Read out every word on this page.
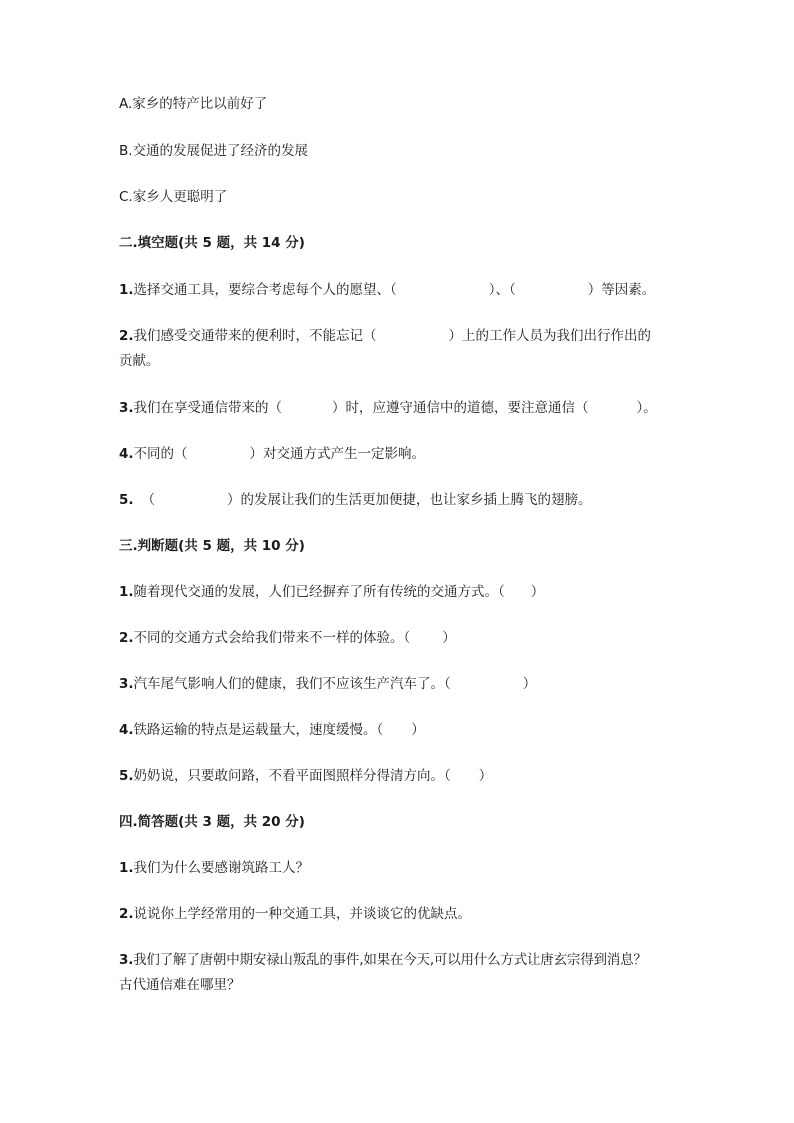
A.家乡的特产比以前好了
B.交通的发展促进了经济的发展
C.家乡人更聪明了
二.填空题(共 5 题，共 14 分)
1.选择交通工具，要综合考虑每个人的愿望、（	）、（	）等因素。
2.我们感受交通带来的便利时，不能忘记（	）上的工作人员为我们出行作出的
贡献。
3.我们在享受通信带来的（	）时，应遵守通信中的道德，要注意通信（	）。
4.不同的（	）对交通方式产生一定影响。
5. （	）的发展让我们的生活更加便捷，也让家乡插上腾飞的翅膀。
三.判断题(共 5 题，共 10 分)
1.随着现代交通的发展，人们已经摒弃了所有传统的交通方式。（ ）
2.不同的交通方式会给我们带来不一样的体验。（ ）
3.汽车尾气影响人们的健康，我们不应该生产汽车了。（	）
4.铁路运输的特点是运载量大，速度缓慢。（ ）
5.奶奶说，只要敢问路，不看平面图照样分得清方向。（ ）
四.简答题(共 3 题，共 20 分)
1.我们为什么要感谢筑路工人？
2.说说你上学经常用的一种交通工具，并谈谈它的优缺点。
3.我们了解了唐朝中期安禄山叛乱的事件,如果在今天,可以用什么方式让唐玄宗得到消息？
古代通信难在哪里？
